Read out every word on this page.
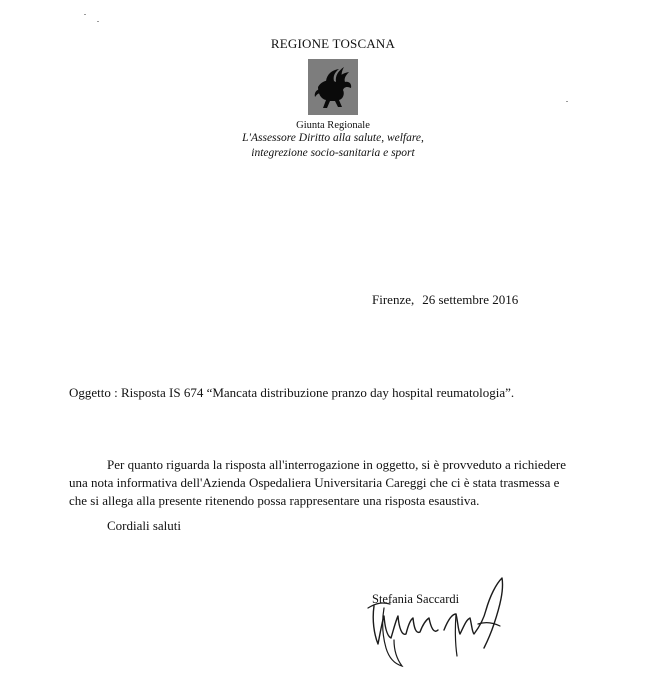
REGIONE TOSCANA
Giunta Regionale
L'Assessore Diritto alla salute, welfare,
integrezione socio-sanitaria e sport
Firenze, 26 settembre 2016
Oggetto : Risposta IS 674 “Mancata distribuzione pranzo day hospital reumatologia”.

Per quanto riguarda la risposta all'interrogazione in oggetto, si è provveduto a richiedere una nota informativa dell'Azienda Ospedaliera Universitaria Careggi che ci è stata trasmessa e che si allega alla presente ritenendo possa rappresentare una risposta esaustiva.

Cordiali saluti
Stefania Saccardi
